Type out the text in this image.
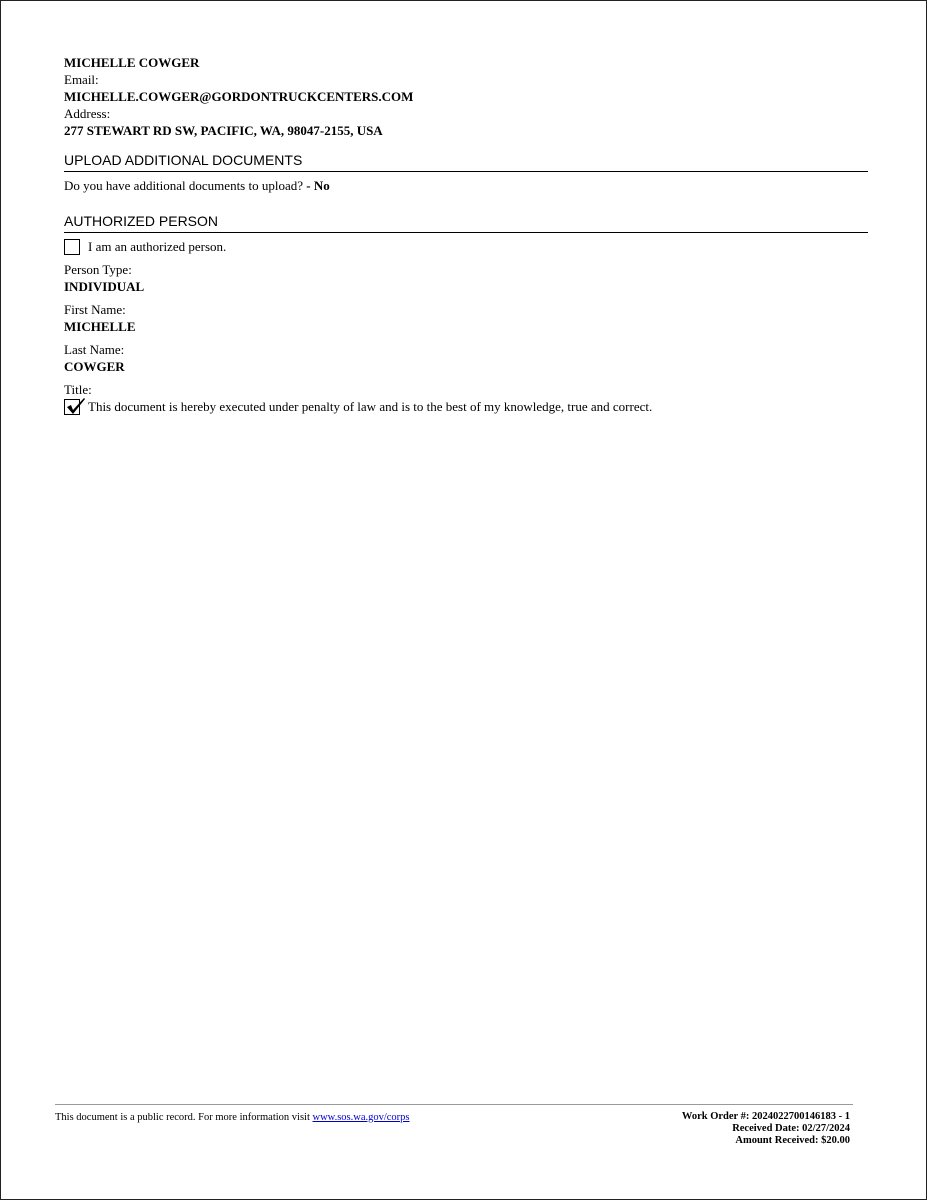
MICHELLE COWGER
Email:
MICHELLE.COWGER@GORDONTRUCKCENTERS.COM
Address:
277 STEWART RD SW, PACIFIC, WA, 98047-2155, USA
UPLOAD ADDITIONAL DOCUMENTS
Do you have additional documents to upload? - No
AUTHORIZED PERSON
I am an authorized person.
Person Type:
INDIVIDUAL
First Name:
MICHELLE
Last Name:
COWGER
Title:
This document is hereby executed under penalty of law and is to the best of my knowledge, true and correct.
This document is a public record. For more information visit www.sos.wa.gov/corps	Work Order #: 2024022700146183 - 1
Received Date: 02/27/2024
Amount Received: $20.00
